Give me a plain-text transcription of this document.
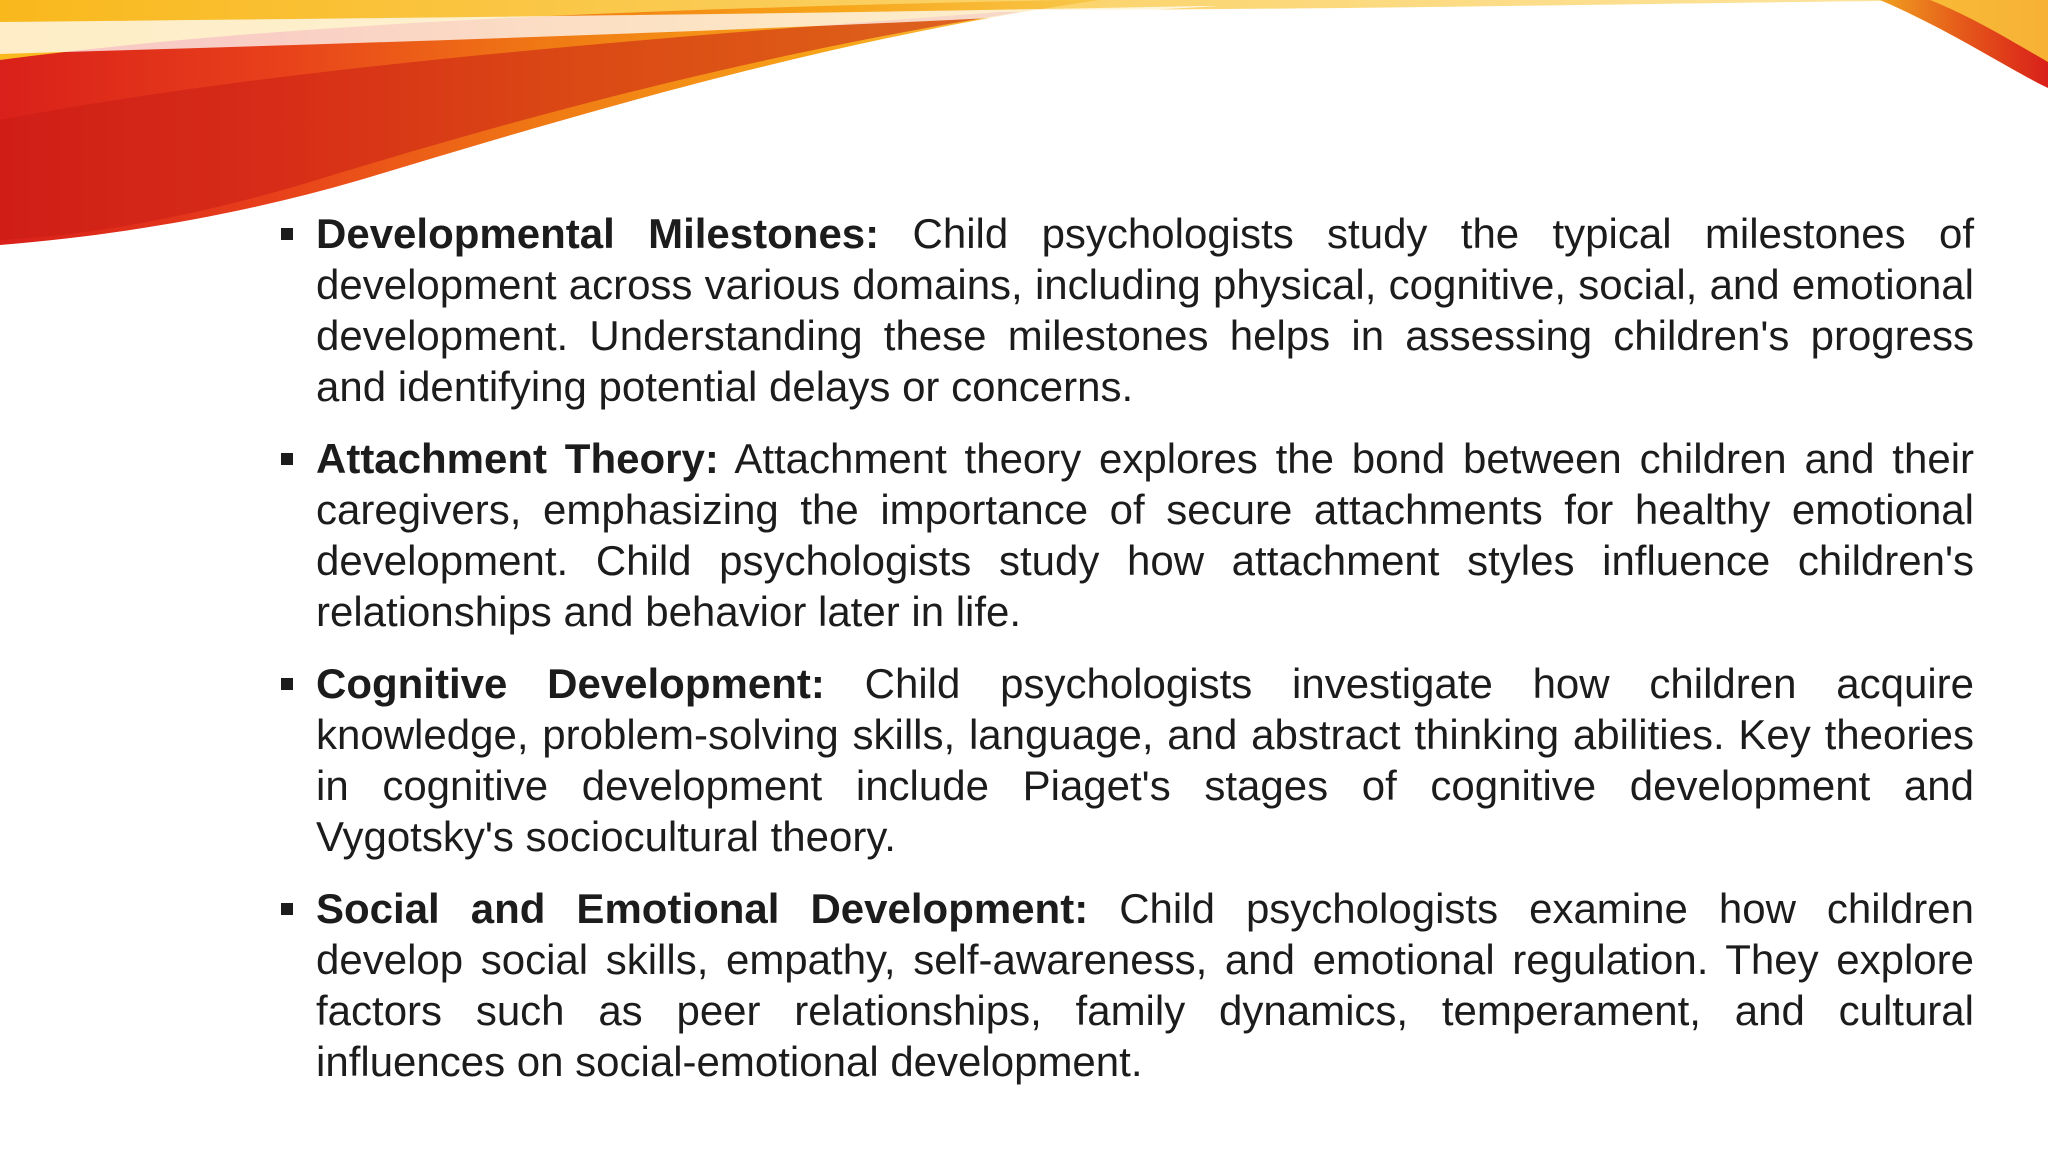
Developmental Milestones: Child psychologists study the typical milestones of development across various domains, including physical, cognitive, social, and emotional development. Understanding these milestones helps in assessing children's progress and identifying potential delays or concerns.
Attachment Theory: Attachment theory explores the bond between children and their caregivers, emphasizing the importance of secure attachments for healthy emotional development. Child psychologists study how attachment styles influence children's relationships and behavior later in life.
Cognitive Development: Child psychologists investigate how children acquire knowledge, problem-solving skills, language, and abstract thinking abilities. Key theories in cognitive development include Piaget's stages of cognitive development and Vygotsky's sociocultural theory.
Social and Emotional Development: Child psychologists examine how children develop social skills, empathy, self-awareness, and emotional regulation. They explore factors such as peer relationships, family dynamics, temperament, and cultural influences on social-emotional development.
